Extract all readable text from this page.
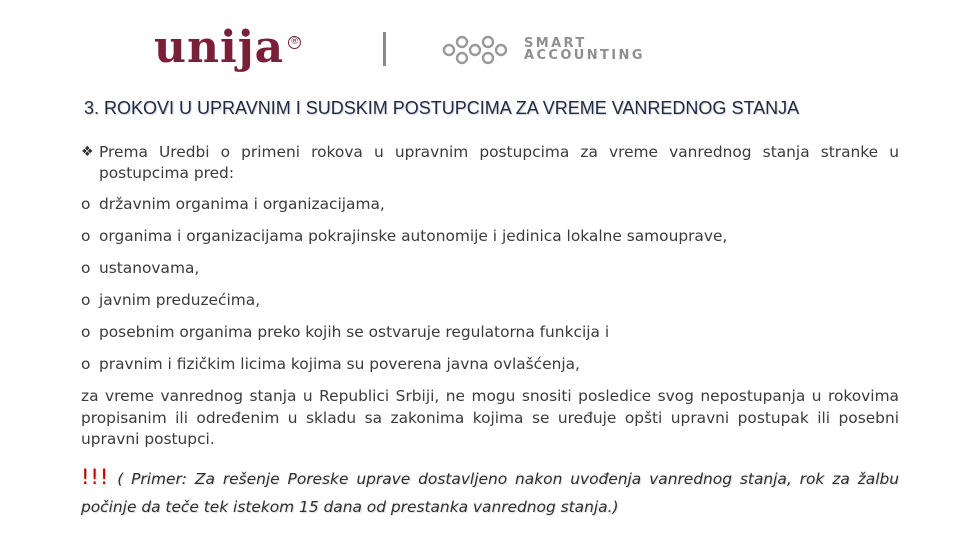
unija ®	SMART
ACCOUNTING
3. ROKOVI U UPRAVNIM I SUDSKIM POSTUPCIMA ZA VREME VANREDNOG STANJA
❖ Prema Uredbi o primeni rokova u upravnim postupcima za vreme vanrednog stanja stranke u postupcima pred:
o državnim organima i organizacijama,
o organima i organizacijama pokrajinske autonomije i jedinica lokalne samouprave,
o ustanovama,
o javnim preduzećima,
o posebnim organima preko kojih se ostvaruje regulatorna funkcija i
o pravnim i fizičkim licima kojima su poverena javna ovlašćenja,
za vreme vanrednog stanja u Republici Srbiji, ne mogu snositi posledice svog nepostupanja u rokovima propisanim ili određenim u skladu sa zakonima kojima se uređuje opšti upravni postupak ili posebni upravni postupci.
!!! ( Primer: Za rešenje Poreske uprave dostavljeno nakon uvođenja vanrednog stanja, rok za žalbu počinje da teče tek istekom 15 dana od prestanka vanrednog stanja.)
